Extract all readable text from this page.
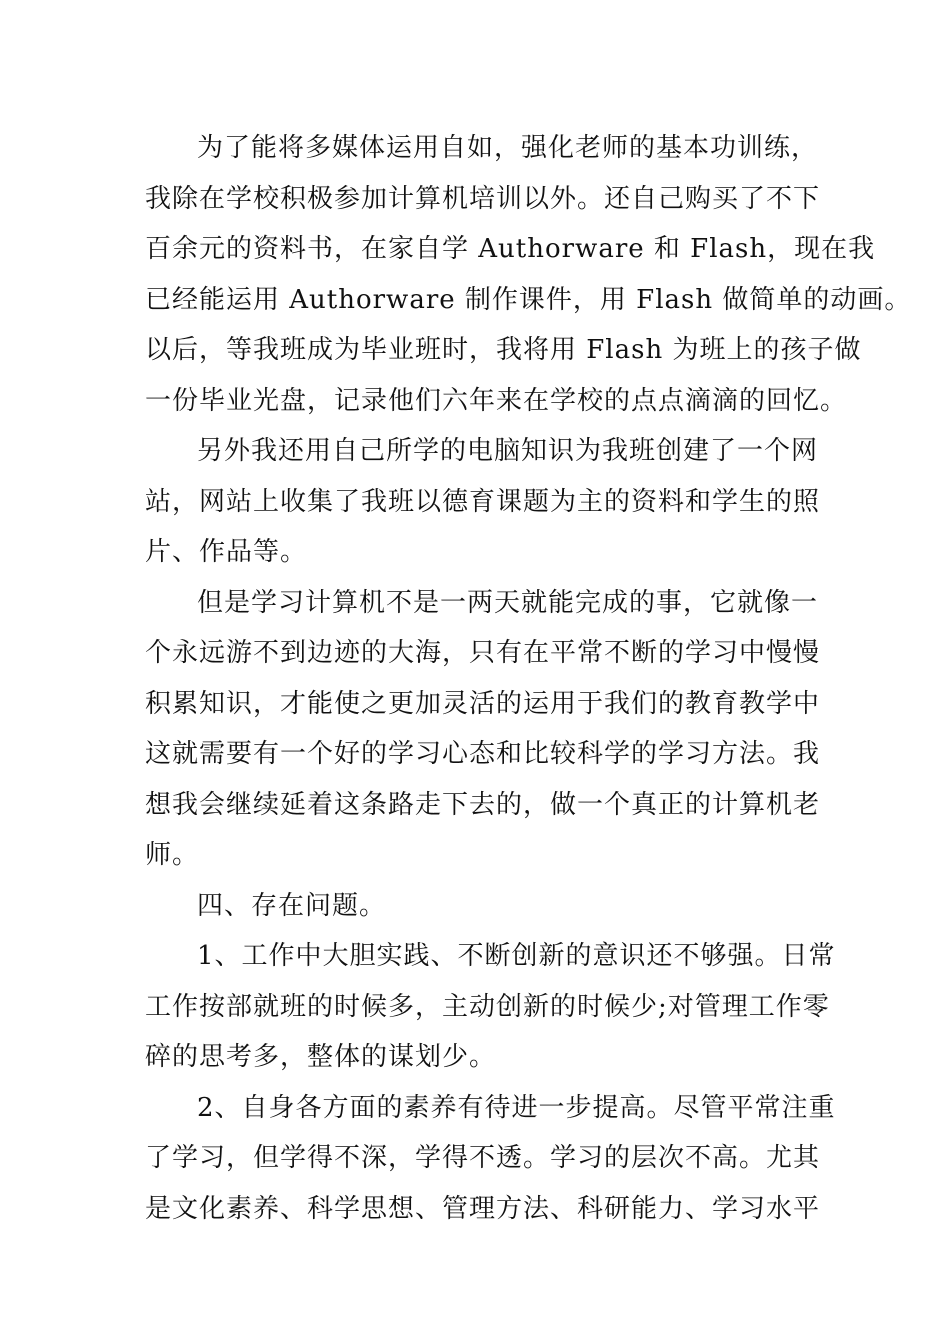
为了能将多媒体运用自如，强化老师的基本功训练，

我除在学校积极参加计算机培训以外。还自己购买了不下

百余元的资料书，在家自学 Authorware 和 Flash，现在我

已经能运用 Authorware 制作课件，用 Flash 做简单的动画。

以后，等我班成为毕业班时，我将用 Flash 为班上的孩子做

一份毕业光盘，记录他们六年来在学校的点点滴滴的回忆。

另外我还用自己所学的电脑知识为我班创建了一个网

站，网站上收集了我班以德育课题为主的资料和学生的照

片、作品等。

但是学习计算机不是一两天就能完成的事，它就像一

个永远游不到边迹的大海，只有在平常不断的学习中慢慢

积累知识，才能使之更加灵活的运用于我们的教育教学中

这就需要有一个好的学习心态和比较科学的学习方法。我

想我会继续延着这条路走下去的，做一个真正的计算机老

师。

四、存在问题。

1、工作中大胆实践、不断创新的意识还不够强。日常

工作按部就班的时候多，主动创新的时候少;对管理工作零

碎的思考多，整体的谋划少。

2、自身各方面的素养有待进一步提高。尽管平常注重

了学习，但学得不深，学得不透。学习的层次不高。尤其

是文化素养、科学思想、管理方法、科研能力、学习水平
